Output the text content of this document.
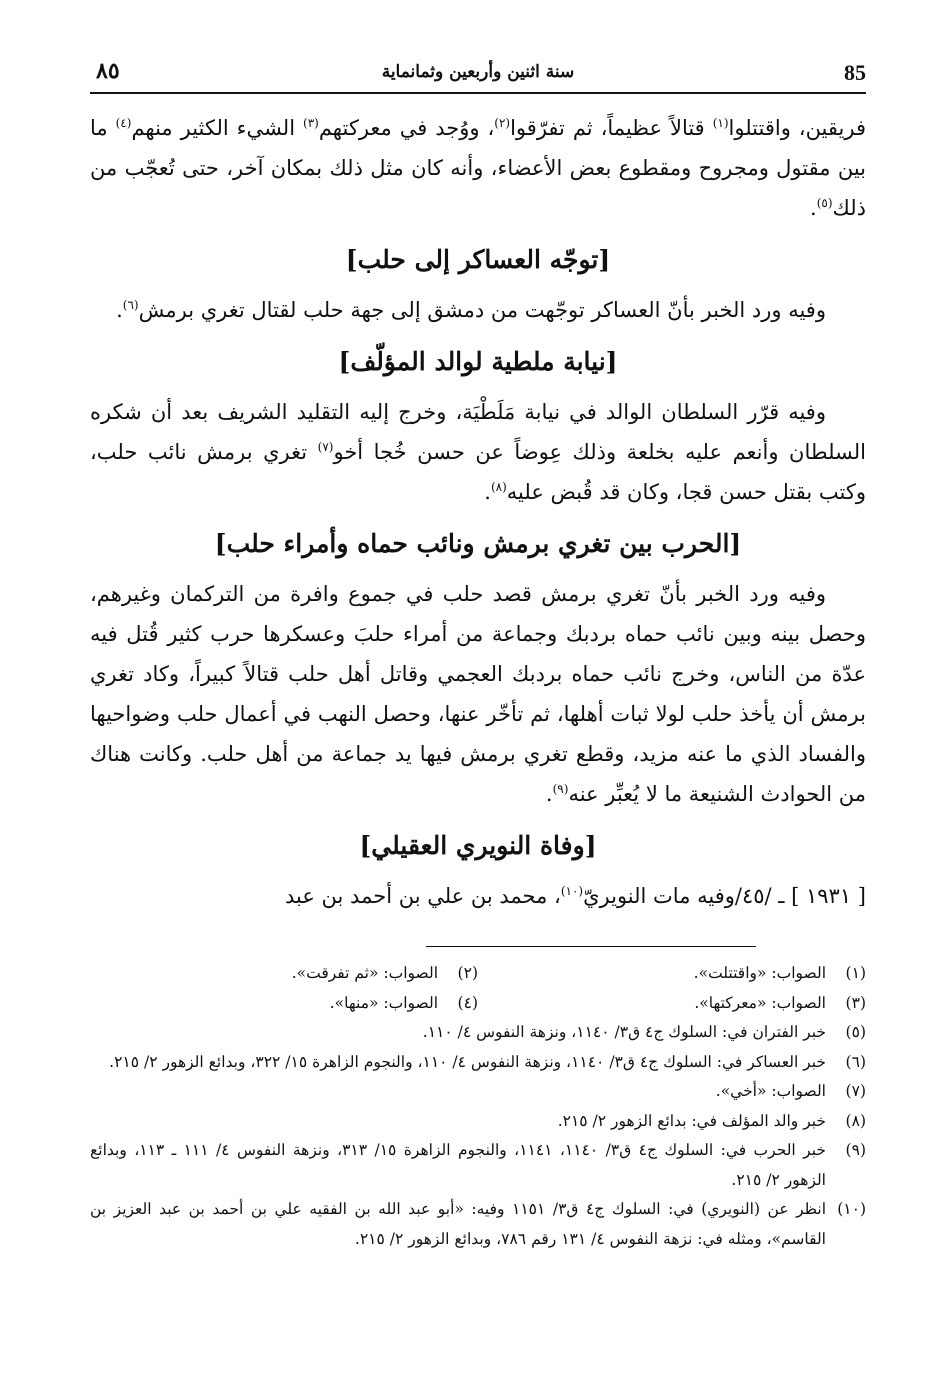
85
سنة اثنين وأربعين وثمانماية
٨٥

فريقين، واقتتلوا$^{(١)}$ قتالاً عظيماً، ثم تفرّقوا$^{(٢)}$، ووُجد في معركتهم$^{(٣)}$ الشيء الكثير منهم$^{(٤)}$ ما بين مقتول ومجروح ومقطوع بعض الأعضاء، وأنه كان مثل ذلك بمكان آخر، حتى تُعجّب من ذلك$^{(٥)}$.

[توجّه العساكر إلى حلب]

وفيه ورد الخبر بأنّ العساكر توجّهت من دمشق إلى جهة حلب لقتال تغري برمش$^{(٦)}$.

[نيابة ملطية لوالد المؤلّف]

وفيه قرّر السلطان الوالد في نيابة مَلَطْيَة، وخرج إليه التقليد الشريف بعد أن شكره السلطان وأنعم عليه بخلعة وذلك عِوضاً عن حسن خُجا أخو$^{(٧)}$ تغري برمش نائب حلب، وكتب بقتل حسن قجا، وكان قد قُبض عليه$^{(٨)}$.

[الحرب بين تغري برمش ونائب حماه وأمراء حلب]

وفيه ورد الخبر بأنّ تغري برمش قصد حلب في جموع وافرة من التركمان وغيرهم، وحصل بينه وبين نائب حماه بردبك وجماعة من أمراء حلبَ وعسكرها حرب كثير قُتل فيه عدّة من الناس، وخرج نائب حماه بردبك العجمي وقاتل أهل حلب قتالاً كبيراً، وكاد تغري برمش أن يأخذ حلب لولا ثبات أهلها، ثم تأخّر عنها، وحصل النهب في أعمال حلب وضواحيها والفساد الذي ما عنه مزيد، وقطع تغري برمش فيها يد جماعة من أهل حلب. وكانت هناك من الحوادث الشنيعة ما لا يُعبِّر عنه$^{(٩)}$.

[وفاة النويري العقيلي]

[ ١٩٣١ ] ـ /٤٥/وفيه مات النويريّ$^{(١٠)}$، محمد بن علي بن أحمد بن عبد

(١)
الصواب: «واقتتلت».
(٢)
الصواب: «ثم تفرقت».
(٣)
الصواب: «معركتها».
(٤)
الصواب: «منها».
(٥)
خبر الفتران في: السلوك ج٤ ق٣/ ١١٤٠، ونزهة النفوس ٤/ ١١٠.
(٦)
خبر العساكر في: السلوك ج٤ ق٣/ ١١٤٠، ونزهة النفوس ٤/ ١١٠، والنجوم الزاهرة ١٥/ ٣٢٢، وبدائع الزهور ٢/ ٢١٥.
(٧)
الصواب: «أخي».
(٨)
خبر والد المؤلف في: بدائع الزهور ٢/ ٢١٥.
(٩)
خبر الحرب في: السلوك ج٤ ق٣/ ١١٤٠، ١١٤١، والنجوم الزاهرة ١٥/ ٣١٣، ونزهة النفوس ٤/ ١١١ ـ ١١٣، وبدائع الزهور ٢/ ٢١٥.
(١٠)
انظر عن (النويري) في: السلوك ج٤ ق٣/ ١١٥١ وفيه: «أبو عبد الله بن الفقيه علي بن أحمد بن عبد العزيز بن القاسم»، ومثله في: نزهة النفوس ٤/ ١٣١ رقم ٧٨٦، وبدائع الزهور ٢/ ٢١٥.
